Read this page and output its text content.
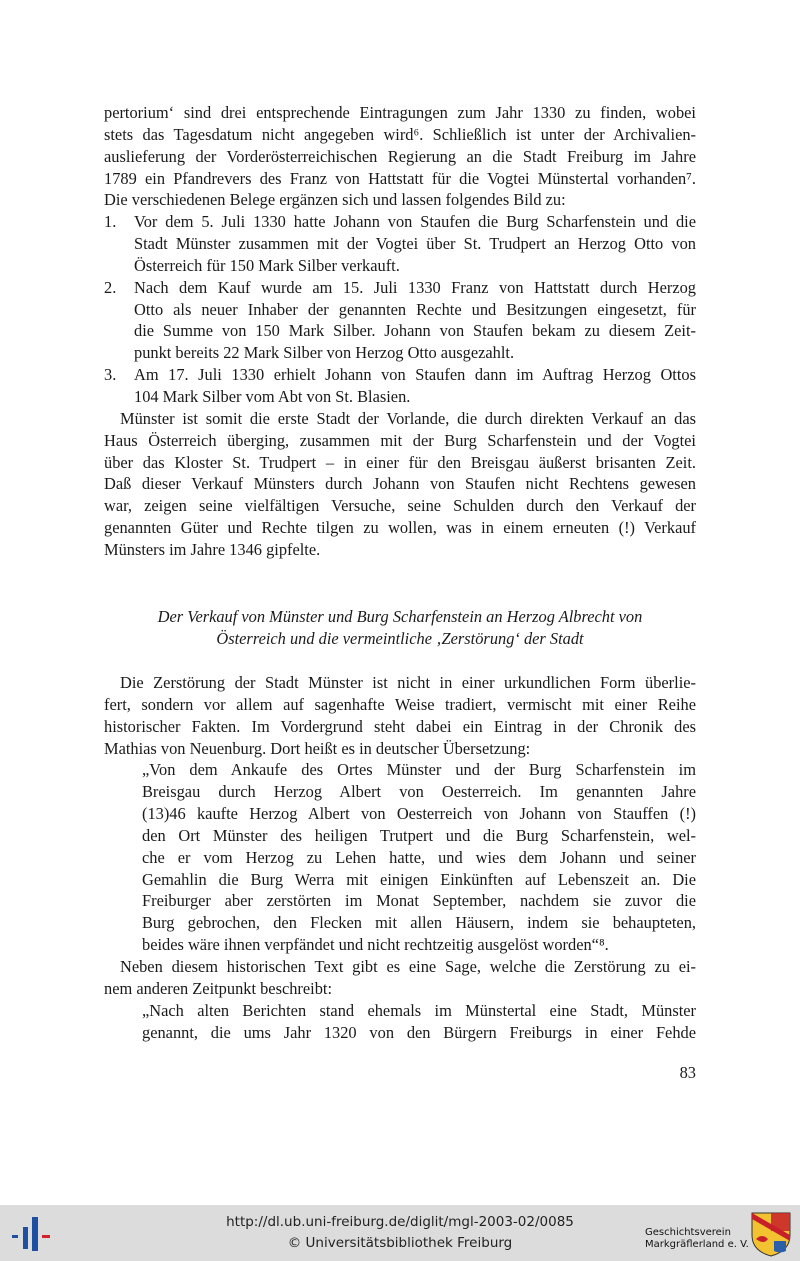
pertorium‘ sind drei entsprechende Eintragungen zum Jahr 1330 zu finden, wobei
stets das Tagesdatum nicht angegeben wird⁶. Schließlich ist unter der Archivalien-
auslieferung der Vorderösterreichischen Regierung an die Stadt Freiburg im Jahre
1789 ein Pfandrevers des Franz von Hattstatt für die Vogtei Münstertal vorhanden⁷.
Die verschiedenen Belege ergänzen sich und lassen folgendes Bild zu:
1. Vor dem 5. Juli 1330 hatte Johann von Staufen die Burg Scharfenstein und die
Stadt Münster zusammen mit der Vogtei über St. Trudpert an Herzog Otto von
Österreich für 150 Mark Silber verkauft.
2. Nach dem Kauf wurde am 15. Juli 1330 Franz von Hattstatt durch Herzog
Otto als neuer Inhaber der genannten Rechte und Besitzungen eingesetzt, für
die Summe von 150 Mark Silber. Johann von Staufen bekam zu diesem Zeit-
punkt bereits 22 Mark Silber von Herzog Otto ausgezahlt.
3. Am 17. Juli 1330 erhielt Johann von Staufen dann im Auftrag Herzog Ottos
104 Mark Silber vom Abt von St. Blasien.
Münster ist somit die erste Stadt der Vorlande, die durch direkten Verkauf an das
Haus Österreich überging, zusammen mit der Burg Scharfenstein und der Vogtei
über das Kloster St. Trudpert – in einer für den Breisgau äußerst brisanten Zeit.
Daß dieser Verkauf Münsters durch Johann von Staufen nicht Rechtens gewesen
war, zeigen seine vielfältigen Versuche, seine Schulden durch den Verkauf der
genannten Güter und Rechte tilgen zu wollen, was in einem erneuten (!) Verkauf
Münsters im Jahre 1346 gipfelte.
Der Verkauf von Münster und Burg Scharfenstein an Herzog Albrecht von
Österreich und die vermeintliche ‚Zerstörung‘ der Stadt
Die Zerstörung der Stadt Münster ist nicht in einer urkundlichen Form überlie-
fert, sondern vor allem auf sagenhafte Weise tradiert, vermischt mit einer Reihe
historischer Fakten. Im Vordergrund steht dabei ein Eintrag in der Chronik des
Mathias von Neuenburg. Dort heißt es in deutscher Übersetzung:
„Von dem Ankaufe des Ortes Münster und der Burg Scharfenstein im
Breisgau durch Herzog Albert von Oesterreich. Im genannten Jahre
(13)46 kaufte Herzog Albert von Oesterreich von Johann von Stauffen (!)
den Ort Münster des heiligen Trutpert und die Burg Scharfenstein, wel-
che er vom Herzog zu Lehen hatte, und wies dem Johann und seiner
Gemahlin die Burg Werra mit einigen Einkünften auf Lebenszeit an. Die
Freiburger aber zerstörten im Monat September, nachdem sie zuvor die
Burg gebrochen, den Flecken mit allen Häusern, indem sie behaupteten,
beides wäre ihnen verpfändet und nicht rechtzeitig ausgelöst worden“⁸.
Neben diesem historischen Text gibt es eine Sage, welche die Zerstörung zu ei-
nem anderen Zeitpunkt beschreibt:
„Nach alten Berichten stand ehemals im Münstertal eine Stadt, Münster
genannt, die ums Jahr 1320 von den Bürgern Freiburgs in einer Fehde
83
http://dl.ub.uni-freiburg.de/diglit/mgl-2003-02/0085
© Universitätsbibliothek Freiburg
Geschichtsverein
Markgräflerland e. V.
